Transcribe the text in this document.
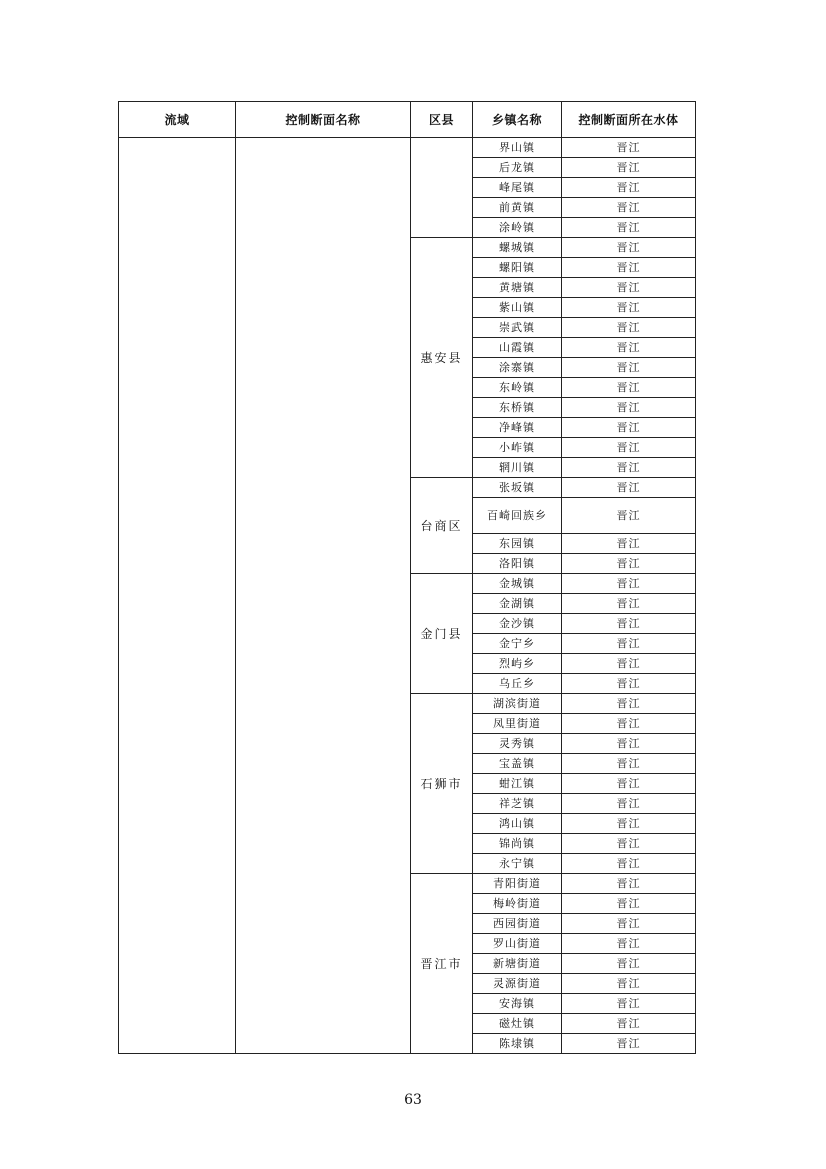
流域	控制断面名称	区县	乡镇名称	控制断面所在水体
			界山镇	晋江
			后龙镇	晋江
			峰尾镇	晋江
			前黄镇	晋江
			涂岭镇	晋江
		惠安县	螺城镇	晋江
			螺阳镇	晋江
			黄塘镇	晋江
			紫山镇	晋江
			崇武镇	晋江
			山霞镇	晋江
			涂寨镇	晋江
			东岭镇	晋江
			东桥镇	晋江
			净峰镇	晋江
			小岞镇	晋江
			辋川镇	晋江
		台商区	张坂镇	晋江
			百崎回族乡	晋江
			东园镇	晋江
			洛阳镇	晋江
		金门县	金城镇	晋江
			金湖镇	晋江
			金沙镇	晋江
			金宁乡	晋江
			烈屿乡	晋江
			乌丘乡	晋江
		石狮市	湖滨街道	晋江
			凤里街道	晋江
			灵秀镇	晋江
			宝盖镇	晋江
			蚶江镇	晋江
			祥芝镇	晋江
			鸿山镇	晋江
			锦尚镇	晋江
			永宁镇	晋江
		晋江市	青阳街道	晋江
			梅岭街道	晋江
			西园街道	晋江
			罗山街道	晋江
			新塘街道	晋江
			灵源街道	晋江
			安海镇	晋江
			磁灶镇	晋江
			陈埭镇	晋江
63
